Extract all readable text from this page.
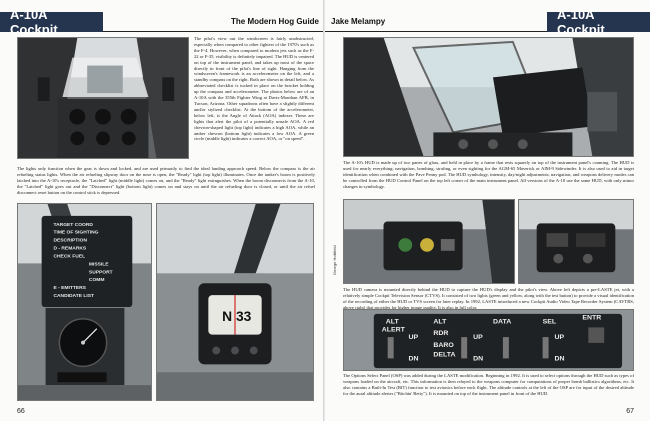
A-10A Cockpit
The Modern Hog Guide
The pilot's view out the windscreen is fairly unobstructed, especially when compared to other fighters of the 1970's such as the F-4. However, when compared to modern jets such as the F-22 or F-35, visibility is definitely impaired. The HUD is centered on top of the instrument panel, and takes up most of the space directly in front of the pilot's line of sight. Hanging from the windscreen's framework is an accelerometer on the left, and a standby compass on the right. Both are shown in detail below. As abbreviated checklist is tucked in place on the bracket holding up the compass and accelerometer. The photos below are of an A-10A with the 355th Fighter Wing at Davis-Monthan AFB, in Tucson, Arizona. Other squadrons often have a slightly different and/or stylized checklist. At the bottom of the accelerometer, below left, is the Angle of Attack (AOA) indexer. These are lights that alert the pilot of a potentially unsafe AOA. A red chevron-shaped light (top light) indicates a high AOA, while an amber chevron (bottom light) indicates a low AOA. A green circle (middle light) indicates a correct AOA, or "on speed".
The lights only function when the gear is down and locked, and are used primarily to find the ideal landing approach speed. Below the compass is the air refueling status lights. When the air refueling slipway door on the nose is open, the "Ready" light (top light) illuminates. Once the tanker's boom is positively latched into the A-10's receptacle, the "Latched" light (middle light) comes on, and the "Ready" light extinguishes. When the boom disconnects from the A-10, the "Latched" light goes out and the "Disconnect" light (bottom light) comes on and stays on until the air refueling door is closed, or until the air refuel disconnect reset button on the control stick is depressed.
TARGET COORD
TIME OF SIGHTING
DESCRIPTION
D - REMARKS
CHECK FUEL
MISSILE
SUPPORT
COMM
E - EMITTERS
CANDIDATE LIST
N 33
66
Jake Melampy	A-10A Cockpit
The A-10's HUD is made up of two panes of glass, and held in place by a frame that rests squarely on top of the instrument panel's coaming. The HUD is used for nearly everything; navigation, bombing, strafing, or even sighting for the AGM-65 Maverick or AIM-9 Sidewinder. It is also used to aid in target identification when combined with the Pave Penny pod. The HUD symbology, intensity, day/night adjustments, navigation, and weapons delivery modes can be controlled from the HUD Control Panel on the top left corner of the main instrument panel. All versions of the A-10 use the same HUD, with only minor changes in symbology.
The HUD camera is mounted directly behind the HUD to capture the HUD's display and the pilot's view. Above left depicts a pre-LASTE jet, with a relatively simple Cockpit Television Sensor (CTVS). It consisted of two lights (green and yellow, along with the test button) to provide a visual identification of the recording of either the HUD or TVS screen for later replay. In 1992, LASTE introduced a new Cockpit Audio Video Tape Recorder System (CAVTRS, above right) that provides for higher image quality. It is also in full color.
ALT
ALERT
ALT
RDR
BARO
DELTA
DATA	SEL
ENTR
UP
DN
UP
DN
UP
DN
The Options Select Panel (OSP) was added during the LASTE modification. Beginning in 1992. It is used to select options through the HUD such as types of weapons loaded on the aircraft, etc. This information is then relayed to the weapons computer for computations of proper bomb ballistics algorithms, etc. It also contains a Built-In Test (BIT) function to test avionics before each flight. The altitude controls at the left of the OSP are for input of the desired altitude for the aural altitude alerter ("Bitchin' Betty"). It is mounted on top of the instrument panel in front of the HUD.
George Hollifield
67
